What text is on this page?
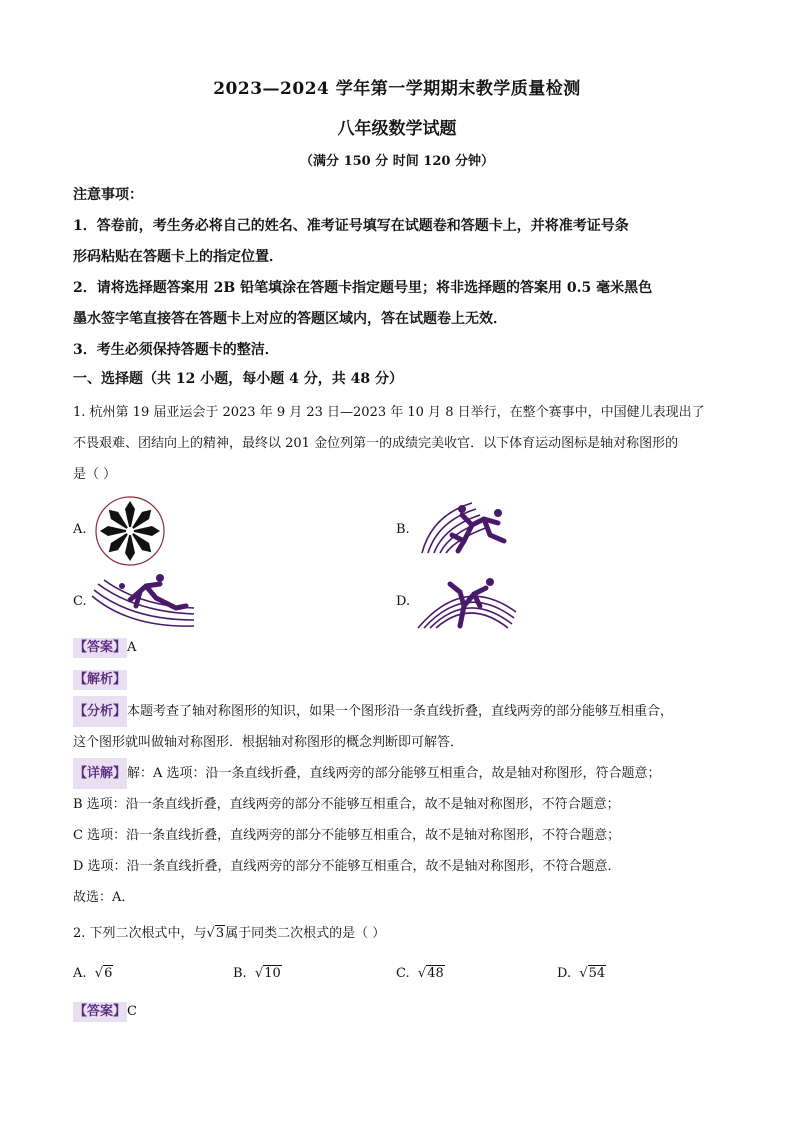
2023—2024 学年第一学期期末教学质量检测
八年级数学试题
（满分 150 分 时间 120 分钟）

注意事项：

1．答卷前，考生务必将自己的姓名、准考证号填写在试题卷和答题卡上，并将准考证号条

形码粘贴在答题卡上的指定位置．

2．请将选择题答案用 2B 铅笔填涂在答题卡指定题号里；将非选择题的答案用 0.5 毫米黑色

墨水签字笔直接答在答题卡上对应的答题区域内，答在试题卷上无效．

3．考生必须保持答题卡的整洁．

一、选择题（共 12 小题，每小题 4 分，共 48 分）

1. 杭州第 19 届亚运会于 2023 年 9 月 23 日—2023 年 10 月 8 日举行，在整个赛事中，中国健儿表现出了

不畏艰难、团结向上的精神，最终以 201 金位列第一的成绩完美收官．以下体育运动图标是轴对称图形的

是（ ）

A.	B.
C.	D.
【答案】A
【解析】

【分析】本题考查了轴对称图形的知识，如果一个图形沿一条直线折叠，直线两旁的部分能够互相重合，

这个图形就叫做轴对称图形．根据轴对称图形的概念判断即可解答．

【详解】解：A 选项：沿一条直线折叠，直线两旁的部分能够互相重合，故是轴对称图形，符合题意；

B 选项：沿一条直线折叠，直线两旁的部分不能够互相重合，故不是轴对称图形，不符合题意；

C 选项：沿一条直线折叠，直线两旁的部分不能够互相重合，故不是轴对称图形，不符合题意；

D 选项：沿一条直线折叠，直线两旁的部分不能够互相重合，故不是轴对称图形，不符合题意．

故选：A．

2. 下列二次根式中，与√3属于同类二次根式的是（ ）
A. √6	B. √10	C. √48	D. √54
【答案】C
